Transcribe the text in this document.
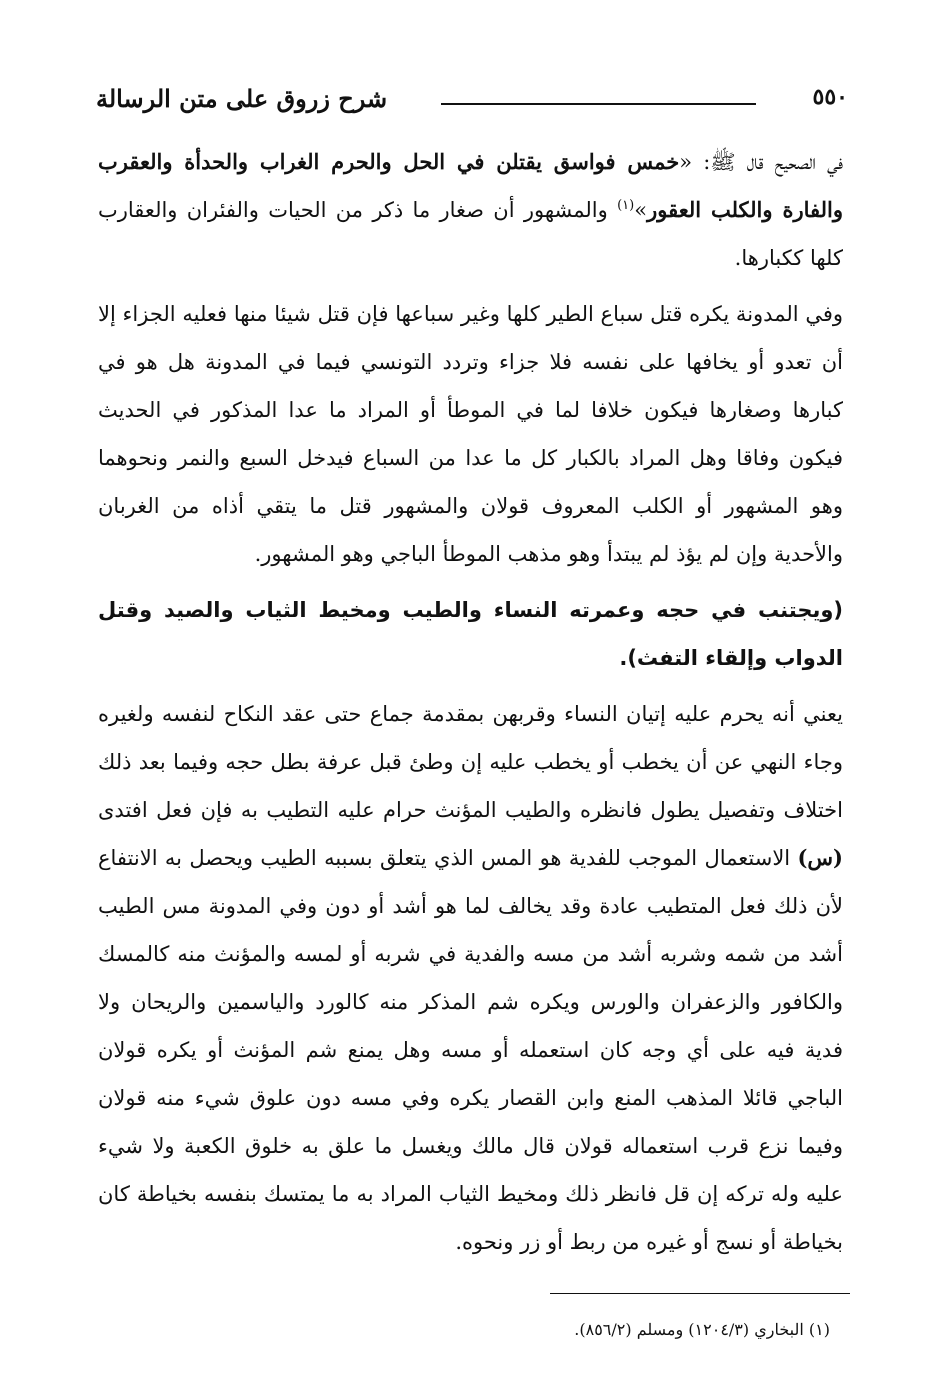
٥٥٠
شرح زروق على متن الرسالة

في الصحيح قال ﷺ: «خمس فواسق يقتلن في الحل والحرم الغراب والحدأة والعقرب والفارة والكلب العقور»$^{(١)}$ والمشهور أن صغار ما ذكر من الحيات والفئران والعقارب كلها ككبارها.

وفي المدونة يكره قتل سباع الطير كلها وغير سباعها فإن قتل شيئا منها فعليه الجزاء إلا أن تعدو أو يخافها على نفسه فلا جزاء وتردد التونسي فيما في المدونة هل هو في كبارها وصغارها فيكون خلافا لما في الموطأ أو المراد ما عدا المذكور في الحديث فيكون وفاقا وهل المراد بالكبار كل ما عدا من السباع فيدخل السبع والنمر ونحوهما وهو المشهور أو الكلب المعروف قولان والمشهور قتل ما يتقي أذاه من الغربان والأحدية وإن لم يؤذ لم يبتدأ وهو مذهب الموطأ الباجي وهو المشهور.

(ويجتنب في حجه وعمرته النساء والطيب ومخيط الثياب والصيد وقتل الدواب وإلقاء التفث).

يعني أنه يحرم عليه إتيان النساء وقربهن بمقدمة جماع حتى عقد النكاح لنفسه ولغيره وجاء النهي عن أن يخطب أو يخطب عليه إن وطئ قبل عرفة بطل حجه وفيما بعد ذلك اختلاف وتفصيل يطول فانظره والطيب المؤنث حرام عليه التطيب به فإن فعل افتدى (س) الاستعمال الموجب للفدية هو المس الذي يتعلق بسببه الطيب ويحصل به الانتفاع لأن ذلك فعل المتطيب عادة وقد يخالف لما هو أشد أو دون وفي المدونة مس الطيب أشد من شمه وشربه أشد من مسه والفدية في شربه أو لمسه والمؤنث منه كالمسك والكافور والزعفران والورس ويكره شم المذكر منه كالورد والياسمين والريحان ولا فدية فيه على أي وجه كان استعمله أو مسه وهل يمنع شم المؤنث أو يكره قولان الباجي قائلا المذهب المنع وابن القصار يكره وفي مسه دون علوق شيء منه قولان وفيما نزع قرب استعماله قولان قال مالك ويغسل ما علق به خلوق الكعبة ولا شيء عليه وله تركه إن قل فانظر ذلك ومخيط الثياب المراد به ما يمتسك بنفسه بخياطة كان بخياطة أو نسج أو غيره من ربط أو زر ونحوه.

(١) البخاري (١٢٠٤/٣) ومسلم (٨٥٦/٢).
